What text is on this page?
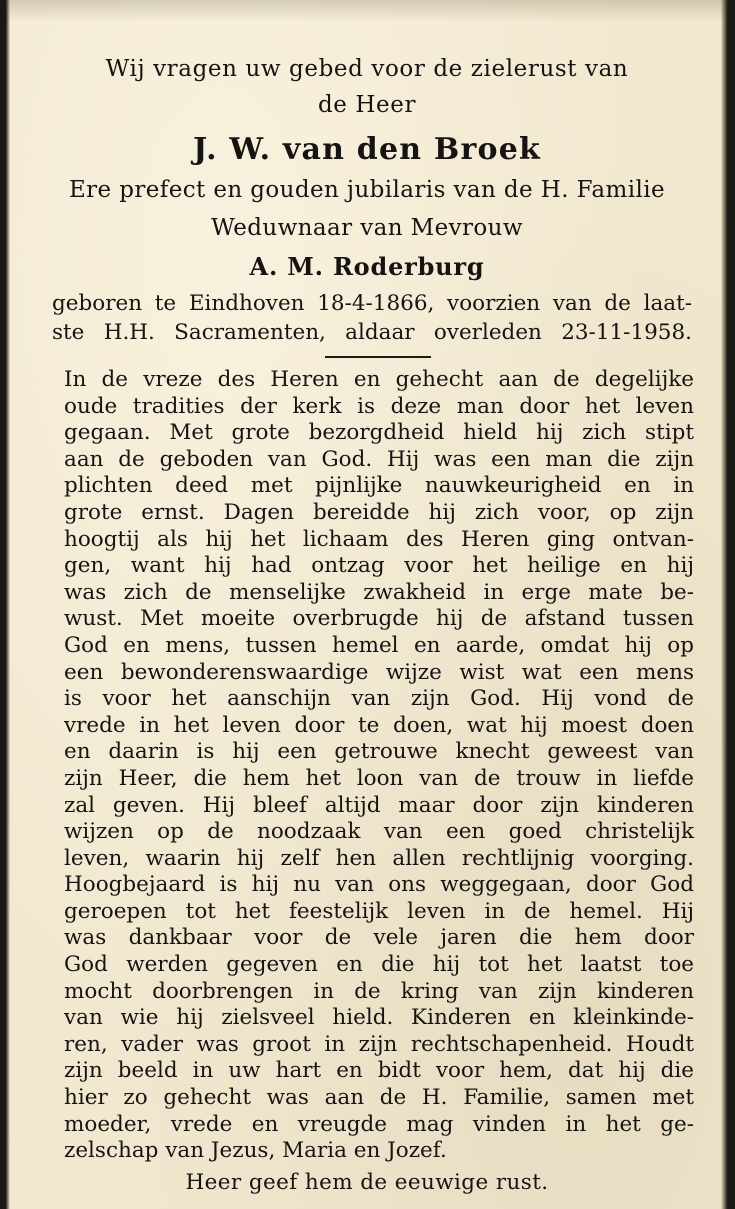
Wij vragen uw gebed voor de zielerust van
de Heer
J. W. van den Broek
Ere prefect en gouden jubilaris van de H. Familie
Weduwnaar van Mevrouw
A. M. Roderburg
geboren te Eindhoven 18-4-1866, voorzien van de laat-
ste H.H. Sacramenten, aldaar overleden 23-11-1958.
In de vreze des Heren en gehecht aan de degelijke
oude tradities der kerk is deze man door het leven
gegaan. Met grote bezorgdheid hield hij zich stipt
aan de geboden van God. Hij was een man die zijn
plichten deed met pijnlijke nauwkeurigheid en in
grote ernst. Dagen bereidde hij zich voor, op zijn
hoogtij als hij het lichaam des Heren ging ontvan-
gen, want hij had ontzag voor het heilige en hij
was zich de menselijke zwakheid in erge mate be-
wust. Met moeite overbrugde hij de afstand tussen
God en mens, tussen hemel en aarde, omdat hij op
een bewonderenswaardige wijze wist wat een mens
is voor het aanschijn van zijn God. Hij vond de
vrede in het leven door te doen, wat hij moest doen
en daarin is hij een getrouwe knecht geweest van
zijn Heer, die hem het loon van de trouw in liefde
zal geven. Hij bleef altijd maar door zijn kinderen
wijzen op de noodzaak van een goed christelijk
leven, waarin hij zelf hen allen rechtlijnig voorging.
Hoogbejaard is hij nu van ons weggegaan, door God
geroepen tot het feestelijk leven in de hemel. Hij
was dankbaar voor de vele jaren die hem door
God werden gegeven en die hij tot het laatst toe
mocht doorbrengen in de kring van zijn kinderen
van wie hij zielsveel hield. Kinderen en kleinkinde-
ren, vader was groot in zijn rechtschapenheid. Houdt
zijn beeld in uw hart en bidt voor hem, dat hij die
hier zo gehecht was aan de H. Familie, samen met
moeder, vrede en vreugde mag vinden in het ge-
zelschap van Jezus, Maria en Jozef.
Heer geef hem de eeuwige rust.
